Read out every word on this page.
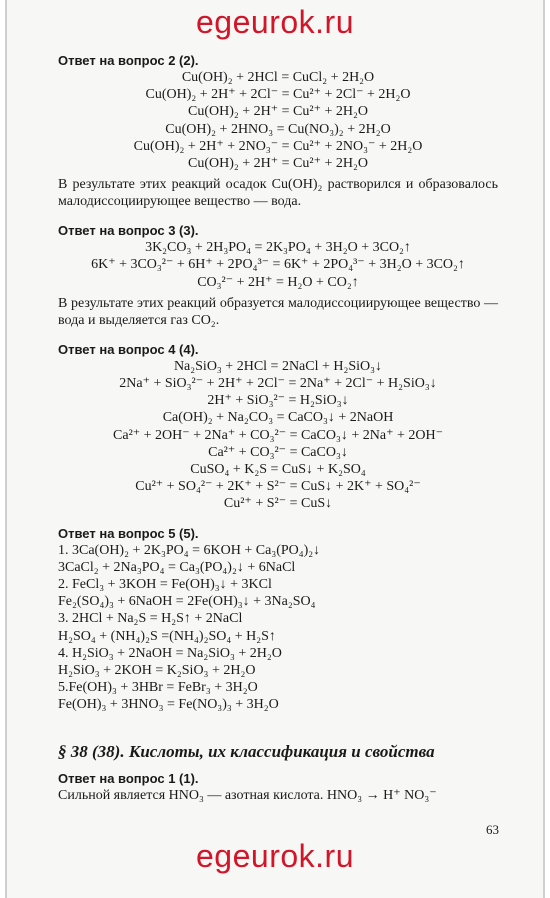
egeurok.ru
Ответ на вопрос 2 (2).
Cu(OH)₂ + 2HCl = CuCl₂ + 2H₂O
Cu(OH)₂ + 2H⁺ + 2Cl⁻ = Cu²⁺ + 2Cl⁻ + 2H₂O
Cu(OH)₂ + 2H⁺ = Cu²⁺ + 2H₂O
Cu(OH)₂ + 2HNO₃ = Cu(NO₃)₂ + 2H₂O
Cu(OH)₂ + 2H⁺ + 2NO₃⁻ = Cu²⁺ + 2NO₃⁻ + 2H₂O
Cu(OH)₂ + 2H⁺ = Cu²⁺ + 2H₂O
В результате этих реакций осадок Cu(OH)₂ растворился и образовалось малодиссоциирующее вещество — вода.
Ответ на вопрос 3 (3).
3K₂CO₃ + 2H₃PO₄ = 2K₃PO₄ + 3H₂O + 3CO₂↑
6K⁺ + 3CO₃²⁻ + 6H⁺ + 2PO₄³⁻ = 6K⁺ + 2PO₄³⁻ + 3H₂O + 3CO₂↑
CO₃²⁻ + 2H⁺ = H₂O + CO₂↑
В результате этих реакций образуется малодиссоциирующее вещество — вода и выделяется газ CO₂.
Ответ на вопрос 4 (4).
Na₂SiO₃ + 2HCl = 2NaCl + H₂SiO₃↓
2Na⁺ + SiO₃²⁻ + 2H⁺ + 2Cl⁻ = 2Na⁺ + 2Cl⁻ + H₂SiO₃↓
2H⁺ + SiO₃²⁻ = H₂SiO₃↓
Ca(OH)₂ + Na₂CO₃ = CaCO₃↓ + 2NaOH
Ca²⁺ + 2OH⁻ + 2Na⁺ + CO₃²⁻ = CaCO₃↓ + 2Na⁺ + 2OH⁻
Ca²⁺ + CO₃²⁻ = CaCO₃↓
CuSO₄ + K₂S = CuS↓ + K₂SO₄
Cu²⁺ + SO₄²⁻ + 2K⁺ + S²⁻ = CuS↓ + 2K⁺ + SO₄²⁻
Cu²⁺ + S²⁻ = CuS↓
Ответ на вопрос 5 (5).
1. 3Ca(OH)₂ + 2K₃PO₄ = 6KOH + Ca₃(PO₄)₂↓
3CaCl₂ + 2Na₃PO₄ = Ca₃(PO₄)₂↓ + 6NaCl
2. FeCl₃ + 3KOH = Fe(OH)₃↓ + 3KCl
Fe₂(SO₄)₃ + 6NaOH = 2Fe(OH)₃↓ + 3Na₂SO₄
3. 2HCl + Na₂S = H₂S↑ + 2NaCl
H₂SO₄ + (NH₄)₂S =(NH₄)₂SO₄ + H₂S↑
4. H₂SiO₃ + 2NaOH = Na₂SiO₃ + 2H₂O
H₂SiO₃ + 2KOH = K₂SiO₃ + 2H₂O
5.Fe(OH)₃ + 3HBr = FeBr₃ + 3H₂O
Fe(OH)₃ + 3HNO₃ = Fe(NO₃)₃ + 3H₂O
§ 38 (38). Кислоты, их классификация и свойства
Ответ на вопрос 1 (1).
Сильной является HNO₃ — азотная кислота. HNO₃ → H⁺ NO₃⁻
63
egeurok.ru
